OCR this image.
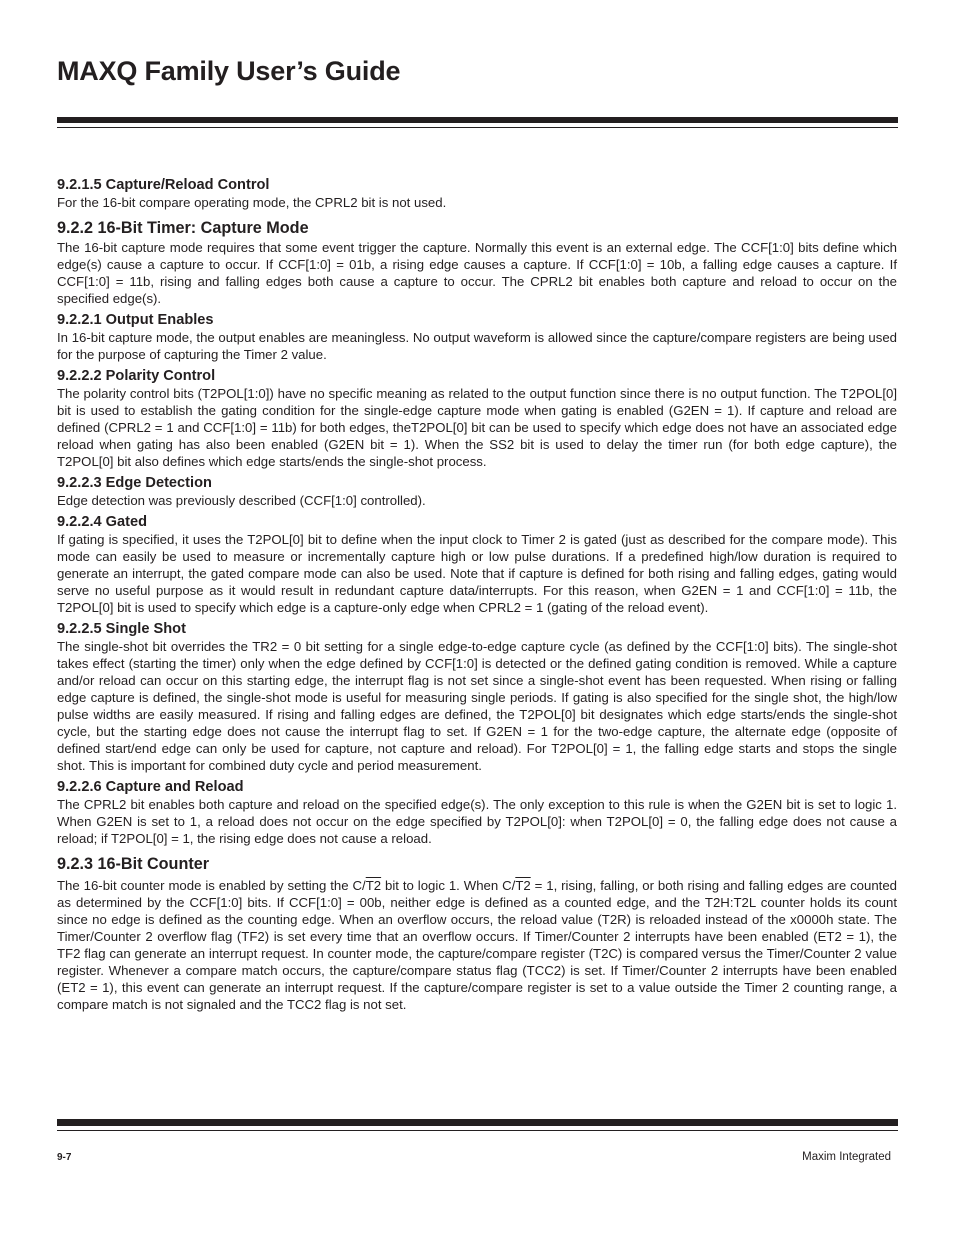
MAXQ Family User’s Guide
9.2.1.5 Capture/Reload Control

For the 16-bit compare operating mode, the CPRL2 bit is not used.

9.2.2 16-Bit Timer: Capture Mode

The 16-bit capture mode requires that some event trigger the capture. Normally this event is an external edge. The CCF[1:0] bits define which edge(s) cause a capture to occur. If CCF[1:0] = 01b, a rising edge causes a capture. If CCF[1:0] = 10b, a falling edge causes a capture. If CCF[1:0] = 11b, rising and falling edges both cause a capture to occur. The CPRL2 bit enables both capture and reload to occur on the specified edge(s).

9.2.2.1 Output Enables

In 16-bit capture mode, the output enables are meaningless. No output waveform is allowed since the capture/compare registers are being used for the purpose of capturing the Timer 2 value.

9.2.2.2 Polarity Control

The polarity control bits (T2POL[1:0]) have no specific meaning as related to the output function since there is no output function. The T2POL[0] bit is used to establish the gating condition for the single-edge capture mode when gating is enabled (G2EN = 1). If capture and reload are defined (CPRL2 = 1 and CCF[1:0] = 11b) for both edges, theT2POL[0] bit can be used to specify which edge does not have an associated edge reload when gating has also been enabled (G2EN bit = 1). When the SS2 bit is used to delay the timer run (for both edge capture), the T2POL[0] bit also defines which edge starts/ends the single-shot process.

9.2.2.3 Edge Detection

Edge detection was previously described (CCF[1:0] controlled).

9.2.2.4 Gated

If gating is specified, it uses the T2POL[0] bit to define when the input clock to Timer 2 is gated (just as described for the compare mode). This mode can easily be used to measure or incrementally capture high or low pulse durations. If a predefined high/low duration is required to generate an interrupt, the gated compare mode can also be used. Note that if capture is defined for both rising and falling edges, gating would serve no useful purpose as it would result in redundant capture data/interrupts. For this reason, when G2EN = 1 and CCF[1:0] = 11b, the T2POL[0] bit is used to specify which edge is a capture-only edge when CPRL2 = 1 (gating of the reload event).

9.2.2.5 Single Shot

The single-shot bit overrides the TR2 = 0 bit setting for a single edge-to-edge capture cycle (as defined by the CCF[1:0] bits). The single-shot takes effect (starting the timer) only when the edge defined by CCF[1:0] is detected or the defined gating condition is removed. While a capture and/or reload can occur on this starting edge, the interrupt flag is not set since a single-shot event has been requested. When rising or falling edge capture is defined, the single-shot mode is useful for measuring single periods. If gating is also specified for the single shot, the high/low pulse widths are easily measured. If rising and falling edges are defined, the T2POL[0] bit designates which edge starts/ends the single-shot cycle, but the starting edge does not cause the interrupt flag to set. If G2EN = 1 for the two-edge capture, the alternate edge (opposite of defined start/end edge can only be used for capture, not capture and reload). For T2POL[0] = 1, the falling edge starts and stops the single shot. This is important for combined duty cycle and period measurement.

9.2.2.6 Capture and Reload

The CPRL2 bit enables both capture and reload on the specified edge(s). The only exception to this rule is when the G2EN bit is set to logic 1. When G2EN is set to 1, a reload does not occur on the edge specified by T2POL[0]: when T2POL[0] = 0, the falling edge does not cause a reload; if T2POL[0] = 1, the rising edge does not cause a reload.

9.2.3 16-Bit Counter

The 16-bit counter mode is enabled by setting the C/T2 bit to logic 1. When C/T2 = 1, rising, falling, or both rising and falling edges are counted as determined by the CCF[1:0] bits. If CCF[1:0] = 00b, neither edge is defined as a counted edge, and the T2H:T2L counter holds its count since no edge is defined as the counting edge. When an overflow occurs, the reload value (T2R) is reloaded instead of the x0000h state. The Timer/Counter 2 overflow flag (TF2) is set every time that an overflow occurs. If Timer/Counter 2 interrupts have been enabled (ET2 = 1), the TF2 flag can generate an interrupt request. In counter mode, the capture/compare register (T2C) is compared versus the Timer/Counter 2 value register. Whenever a compare match occurs, the capture/compare status flag (TCC2) is set. If Timer/Counter 2 interrupts have been enabled (ET2 = 1), this event can generate an interrupt request. If the capture/compare register is set to a value outside the Timer 2 counting range, a compare match is not signaled and the TCC2 flag is not set.

9-7	Maxim Integrated
